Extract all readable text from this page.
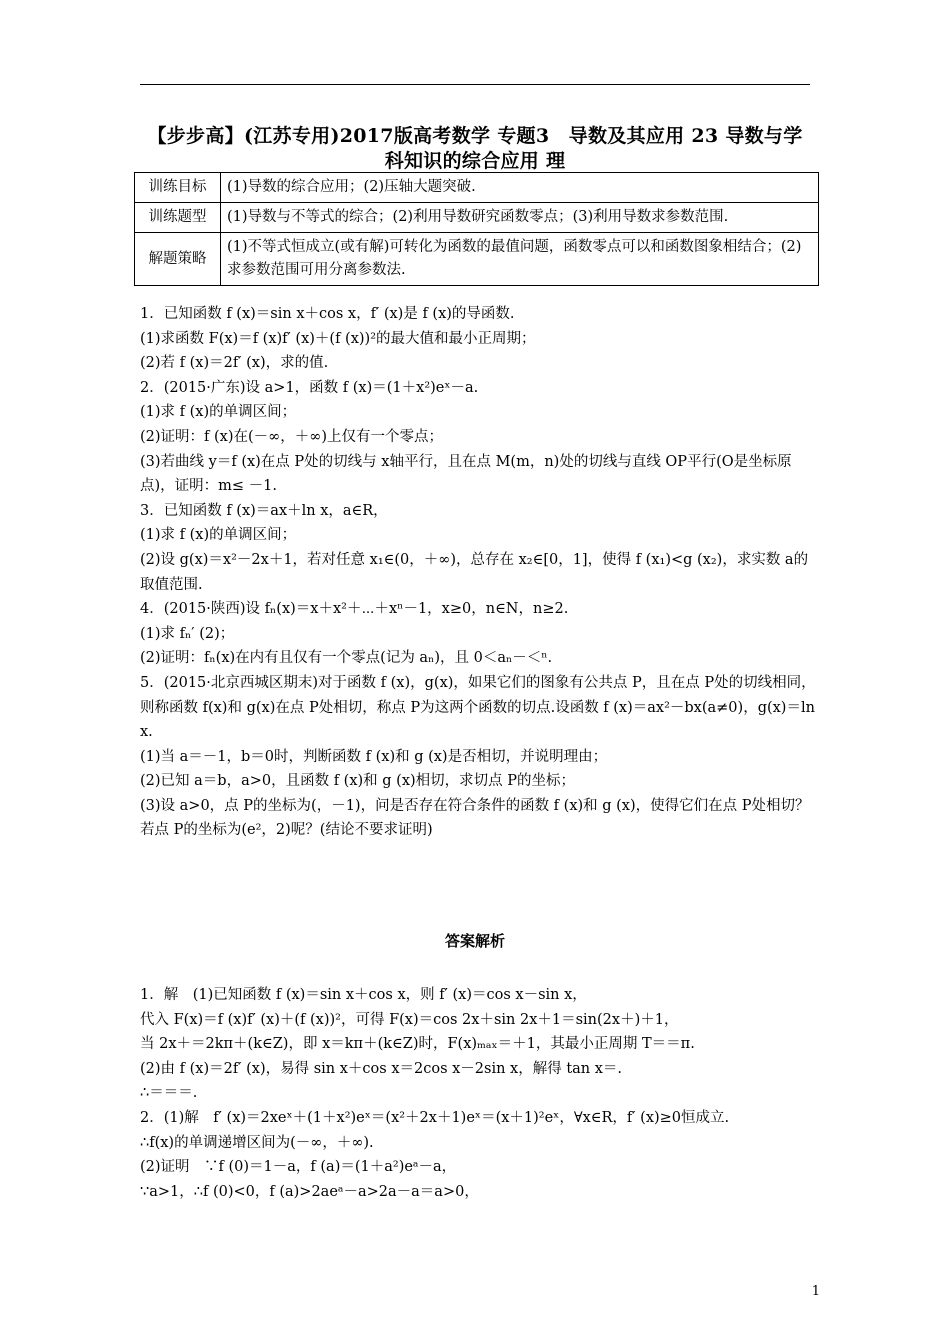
【步步高】(江苏专用)2017版高考数学 专题3　导数及其应用 23 导数与学科知识的综合应用 理
训练目标	(1)导数的综合应用；(2)压轴大题突破.
训练题型	(1)导数与不等式的综合；(2)利用导数研究函数零点；(3)利用导数求参数范围.
解题策略	(1)不等式恒成立(或有解)可转化为函数的最值问题，函数零点可以和函数图象相结合；(2)求参数范围可用分离参数法.

1．已知函数 f (x)＝sin x＋cos x，f′ (x)是 f (x)的导函数.

(1)求函数 F(x)＝f (x)f′ (x)＋(f (x))²的最大值和最小正周期；

(2)若 f (x)＝2f′ (x)，求的值.

2．(2015·广东)设 a>1，函数 f (x)＝(1＋x²)eˣ－a.

(1)求 f (x)的单调区间；

(2)证明：f (x)在(－∞，＋∞)上仅有一个零点；

(3)若曲线 y＝f (x)在点 P处的切线与 x轴平行，且在点 M(m，n)处的切线与直线 OP平行(O是坐标原点)，证明：m≤ －1.

3．已知函数 f (x)＝ax＋ln x，a∈R，

(1)求 f (x)的单调区间；

(2)设 g(x)＝x²－2x＋1，若对任意 x₁∈(0，＋∞)，总存在 x₂∈[0，1]，使得 f (x₁)<g (x₂)，求实数 a的取值范围.

4．(2015·陕西)设 fₙ(x)＝x＋x²＋⋯＋xⁿ－1，x≥0，n∈N，n≥2.

(1)求 fₙ′ (2)；

(2)证明：fₙ(x)在内有且仅有一个零点(记为 aₙ)，且 0＜aₙ－＜ⁿ.

5．(2015·北京西城区期末)对于函数 f (x)，g(x)，如果它们的图象有公共点 P，且在点 P处的切线相同，则称函数 f(x)和 g(x)在点 P处相切，称点 P为这两个函数的切点.设函数 f (x)＝ax²－bx(a≠0)，g(x)＝ln x.

(1)当 a＝－1，b＝0时，判断函数 f (x)和 g (x)是否相切，并说明理由；

(2)已知 a＝b，a>0，且函数 f (x)和 g (x)相切，求切点 P的坐标；

(3)设 a>0，点 P的坐标为(，－1)，问是否存在符合条件的函数 f (x)和 g (x)，使得它们在点 P处相切？若点 P的坐标为(e²，2)呢？(结论不要求证明)

答案解析

1．解　(1)已知函数 f (x)＝sin x＋cos x，则 f′ (x)＝cos x－sin x，

代入 F(x)＝f (x)f′ (x)＋(f (x))²，可得 F(x)＝cos 2x＋sin 2x＋1＝sin(2x＋)＋1，

当 2x＋＝2kπ＋(k∈Z)，即 x＝kπ＋(k∈Z)时，F(x)ₘₐₓ＝＋1，其最小正周期 T＝＝π.

(2)由 f (x)＝2f′ (x)，易得 sin x＋cos x＝2cos x－2sin x，解得 tan x＝.

∴＝＝＝.

2．(1)解　f′ (x)＝2xeˣ＋(1＋x²)eˣ＝(x²＋2x＋1)eˣ＝(x＋1)²eˣ，∀x∈R，f′ (x)≥0恒成立.

∴f(x)的单调递增区间为(－∞，＋∞).

(2)证明　∵f (0)＝1－a，f (a)＝(1＋a²)eᵃ－a，

∵a>1，∴f (0)<0，f (a)>2aeᵃ－a>2a－a＝a>0，

1
